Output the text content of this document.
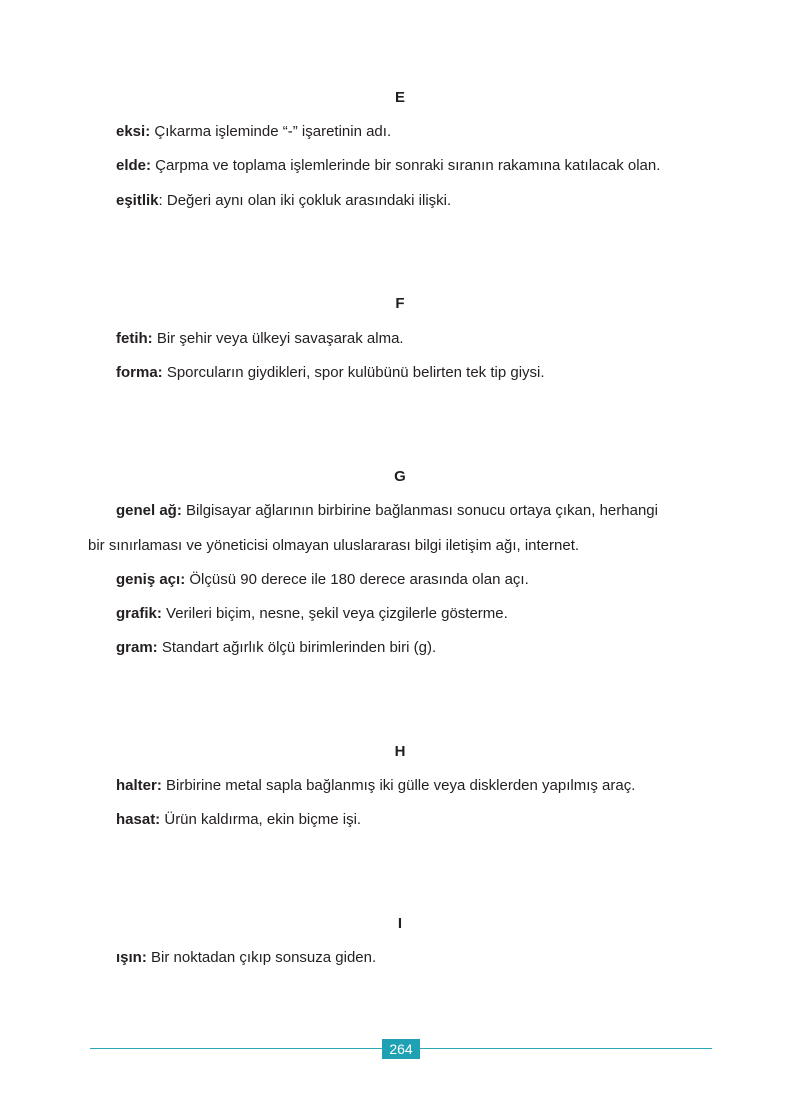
E
eksi: Çıkarma işleminde “-” işaretinin adı.
elde: Çarpma ve toplama işlemlerinde bir sonraki sıranın rakamına katılacak olan.
eşitlik: Değeri aynı olan iki çokluk arasındaki ilişki.
F
fetih: Bir şehir veya ülkeyi savaşarak alma.
forma: Sporcuların giydikleri, spor kulübünü belirten tek tip giysi.
G
genel ağ: Bilgisayar ağlarının birbirine bağlanması sonucu ortaya çıkan, herhangi
bir sınırlaması ve yöneticisi olmayan uluslararası bilgi iletişim ağı, internet.
geniş açı: Ölçüsü 90 derece ile 180 derece arasında olan açı.
grafik: Verileri biçim, nesne, şekil veya çizgilerle gösterme.
gram: Standart ağırlık ölçü birimlerinden biri (g).
H
halter: Birbirine metal sapla bağlanmış iki gülle veya disklerden yapılmış araç.
hasat: Ürün kaldırma, ekin biçme işi.
I
ışın: Bir noktadan çıkıp sonsuza giden.
264
